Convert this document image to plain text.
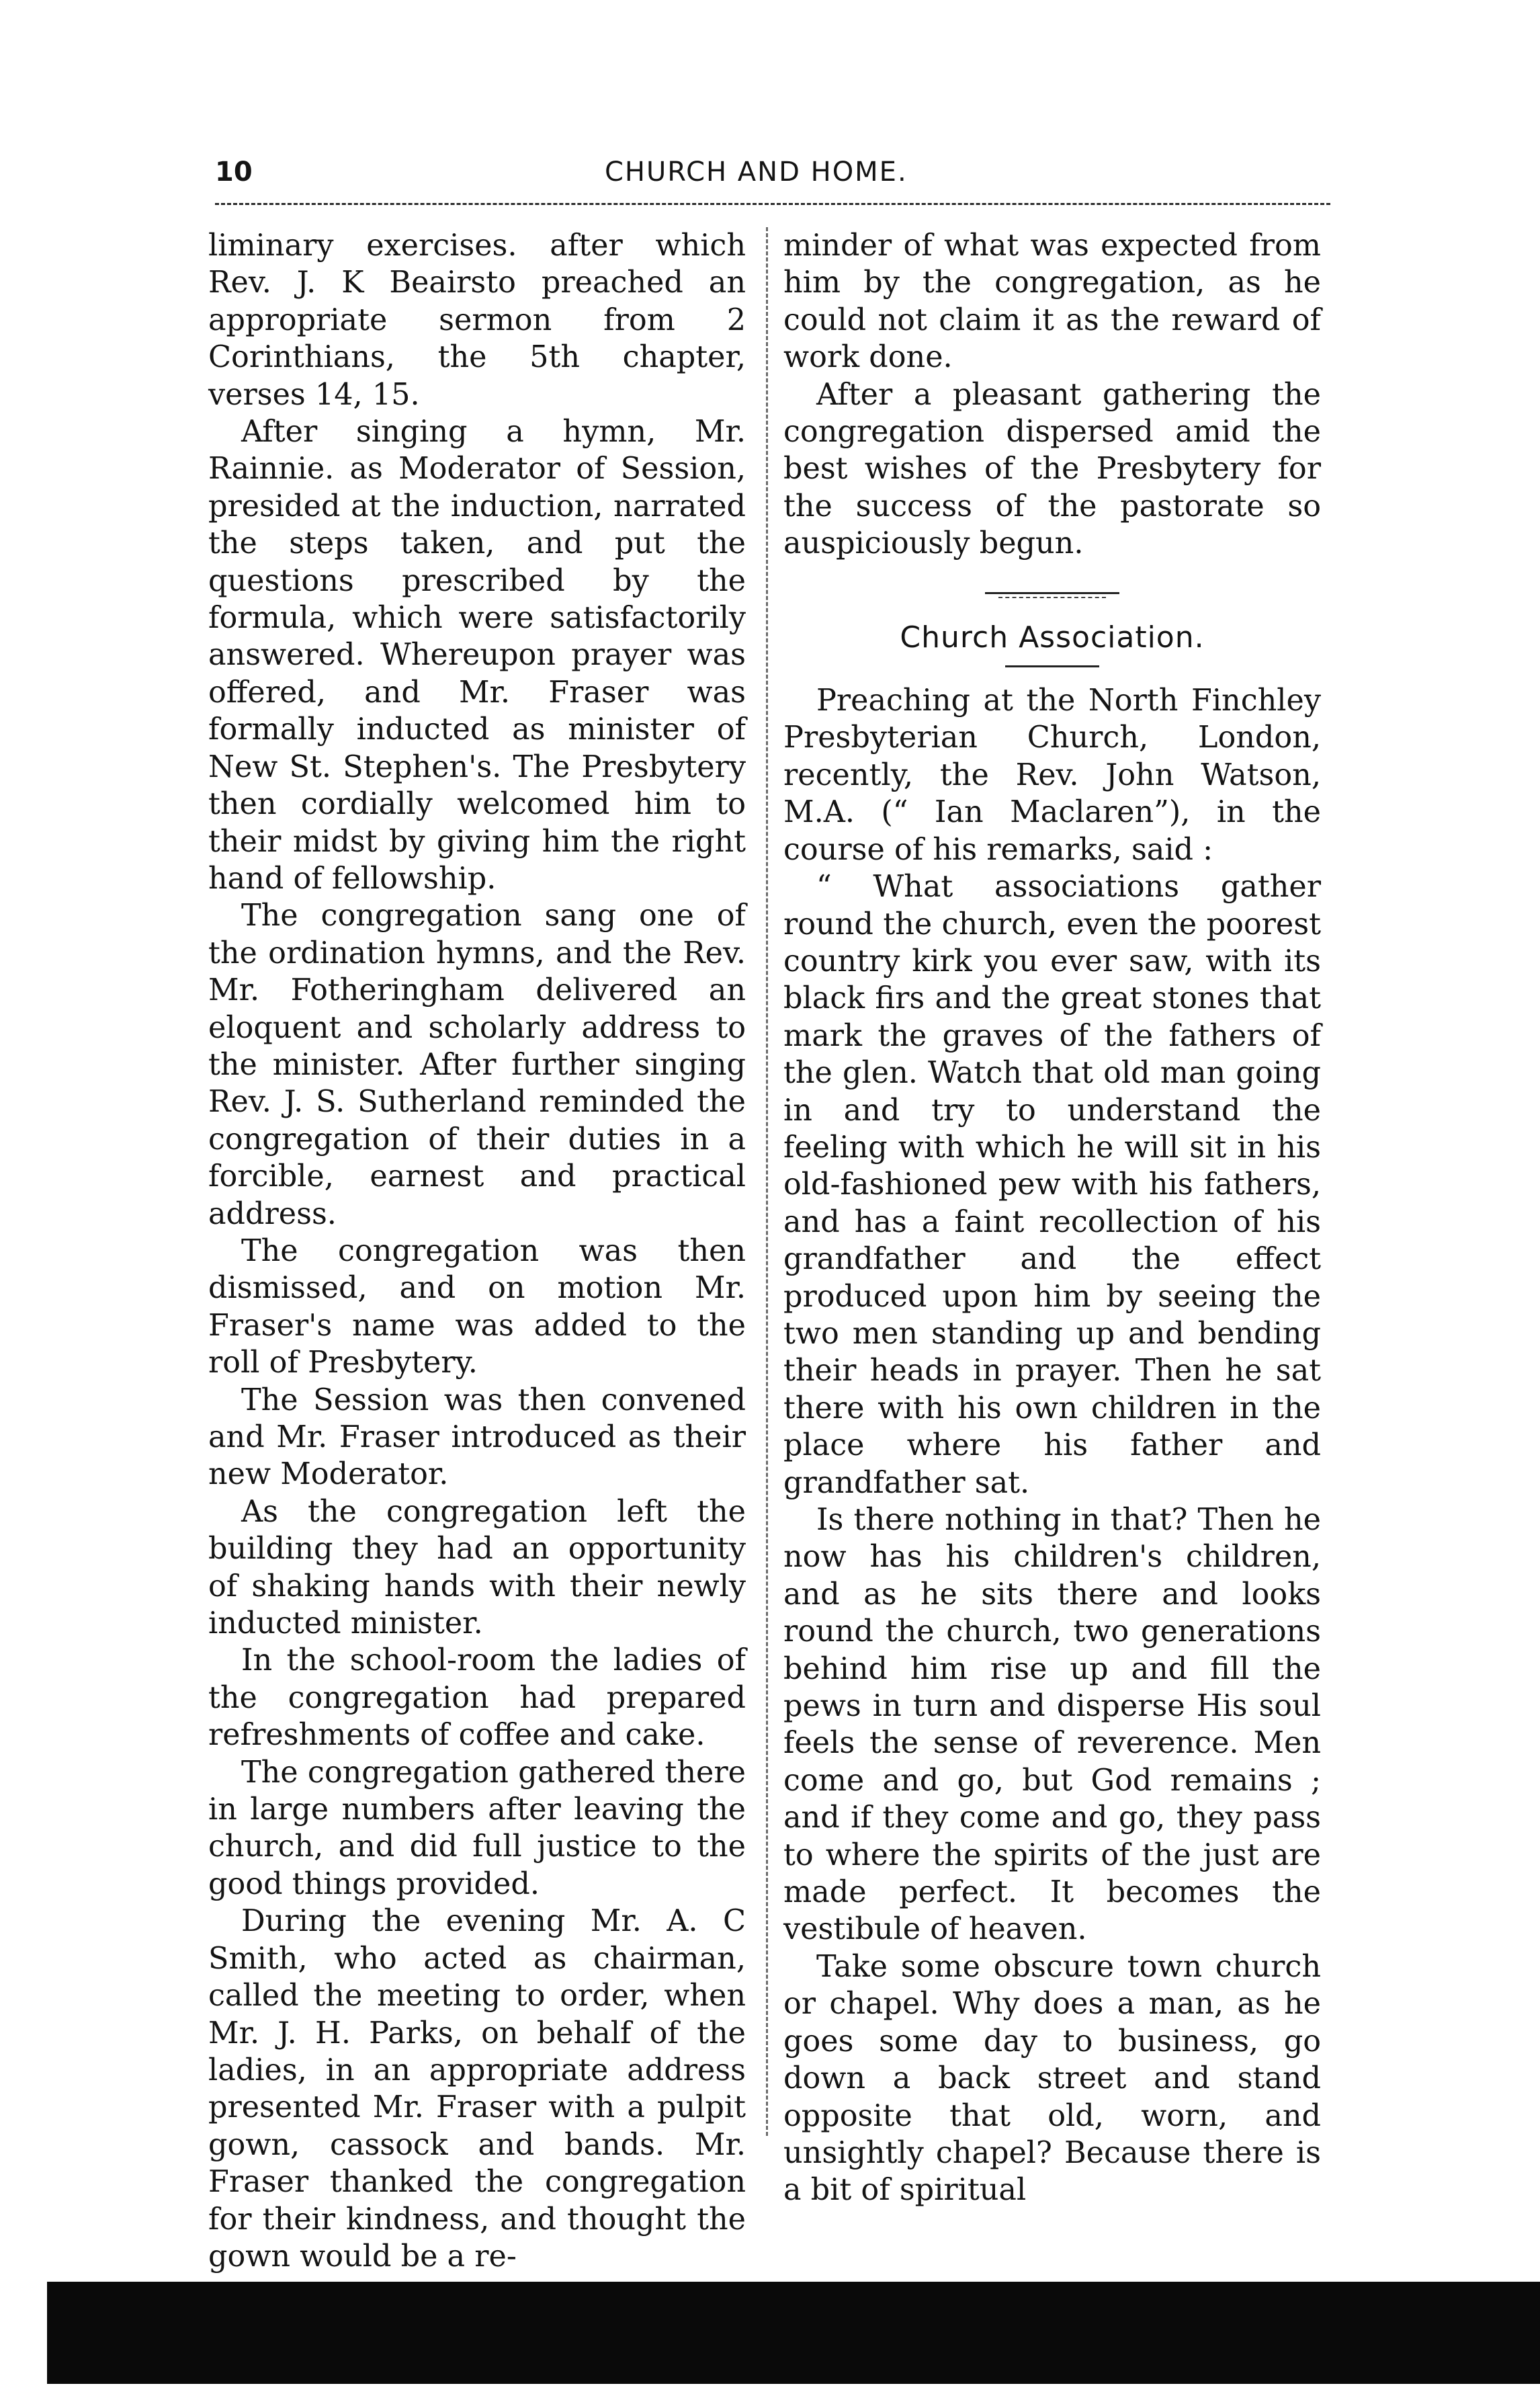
10	CHURCH AND HOME.

liminary exercises. after which Rev. J. K Beairsto preached an appropriate sermon from 2 Corinthians, the 5th chapter, verses 14, 15.

After singing a hymn, Mr. Rainnie. as Moderator of Session, presided at the induction, narrated the steps taken, and put the questions prescribed by the formula, which were satisfactorily answered. Whereupon prayer was offered, and Mr. Fraser was formally inducted as minister of New St. Stephen's. The Presbytery then cordially welcomed him to their midst by giving him the right hand of fellowship.

The congregation sang one of the ordination hymns, and the Rev. Mr. Fotheringham delivered an eloquent and scholarly address to the minister. After further singing Rev. J. S. Sutherland reminded the congregation of their duties in a forcible, earnest and practical address.

The congregation was then dismissed, and on motion Mr. Fraser's name was added to the roll of Presbytery.

The Session was then convened and Mr. Fraser introduced as their new Moderator.

As the congregation left the building they had an opportunity of shaking hands with their newly inducted minister.

In the school-room the ladies of the congregation had prepared refreshments of coffee and cake.

The congregation gathered there in large numbers after leaving the church, and did full justice to the good things provided.

During the evening Mr. A. C Smith, who acted as chairman, called the meeting to order, when Mr. J. H. Parks, on behalf of the ladies, in an appropriate address presented Mr. Fraser with a pulpit gown, cassock and bands. Mr. Fraser thanked the congregation for their kindness, and thought the gown would be a re-

minder of what was expected from him by the congregation, as he could not claim it as the reward of work done.

After a pleasant gathering the congregation dispersed amid the best wishes of the Presbytery for the success of the pastorate so auspiciously begun.

Church Association.

Preaching at the North Finchley Presbyterian Church, London, recently, the Rev. John Watson, M.A. (“ Ian Maclaren”), in the course of his remarks, said :

“ What associations gather round the church, even the poorest country kirk you ever saw, with its black firs and the great stones that mark the graves of the fathers of the glen. Watch that old man going in and try to understand the feeling with which he will sit in his old-fashioned pew with his fathers, and has a faint recollection of his grandfather and the effect produced upon him by seeing the two men standing up and bending their heads in prayer. Then he sat there with his own children in the place where his father and grandfather sat.

Is there nothing in that? Then he now has his children's children, and as he sits there and looks round the church, two generations behind him rise up and fill the pews in turn and disperse His soul feels the sense of reverence. Men come and go, but God remains ; and if they come and go, they pass to where the spirits of the just are made perfect. It becomes the vestibule of heaven.

Take some obscure town church or chapel. Why does a man, as he goes some day to business, go down a back street and stand opposite that old, worn, and unsightly chapel? Because there is a bit of spiritual
